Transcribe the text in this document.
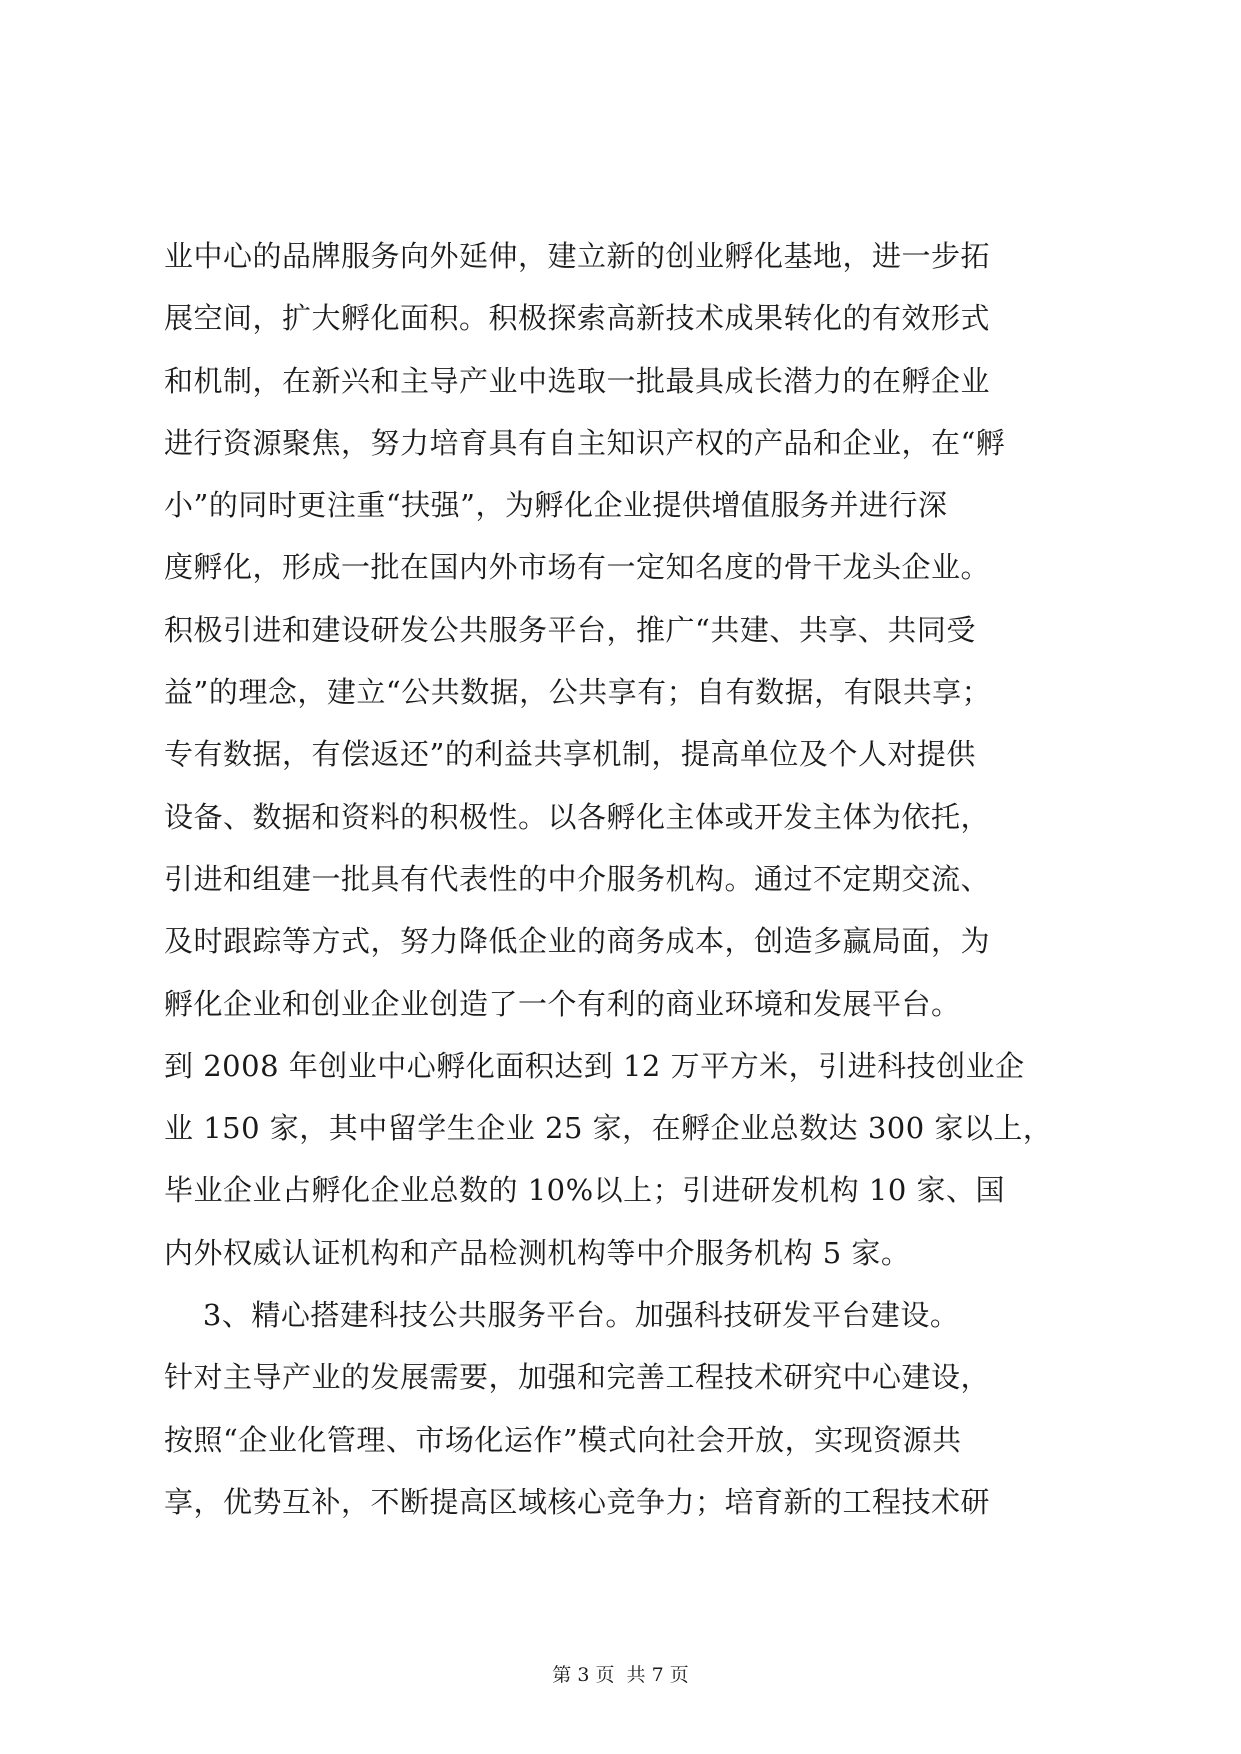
业中心的品牌服务向外延伸，建立新的创业孵化基地，进一步拓
展空间，扩大孵化面积。积极探索高新技术成果转化的有效形式
和机制，在新兴和主导产业中选取一批最具成长潜力的在孵企业
进行资源聚焦，努力培育具有自主知识产权的产品和企业，在“孵
小”的同时更注重“扶强”，为孵化企业提供增值服务并进行深
度孵化，形成一批在国内外市场有一定知名度的骨干龙头企业。
积极引进和建设研发公共服务平台，推广“共建、共享、共同受
益”的理念，建立“公共数据，公共享有；自有数据，有限共享；
专有数据，有偿返还”的利益共享机制，提高单位及个人对提供
设备、数据和资料的积极性。以各孵化主体或开发主体为依托，
引进和组建一批具有代表性的中介服务机构。通过不定期交流、
及时跟踪等方式，努力降低企业的商务成本，创造多赢局面，为
孵化企业和创业企业创造了一个有利的商业环境和发展平台。
到 2008 年创业中心孵化面积达到 12 万平方米，引进科技创业企
业 150 家，其中留学生企业 25 家，在孵企业总数达 300 家以上，
毕业企业占孵化企业总数的 10%以上；引进研发机构 10 家、国
内外权威认证机构和产品检测机构等中介服务机构 5 家。
3、精心搭建科技公共服务平台。加强科技研发平台建设。
针对主导产业的发展需要，加强和完善工程技术研究中心建设，
按照“企业化管理、市场化运作”模式向社会开放，实现资源共
享，优势互补，不断提高区域核心竞争力；培育新的工程技术研
第 3 页  共 7 页
